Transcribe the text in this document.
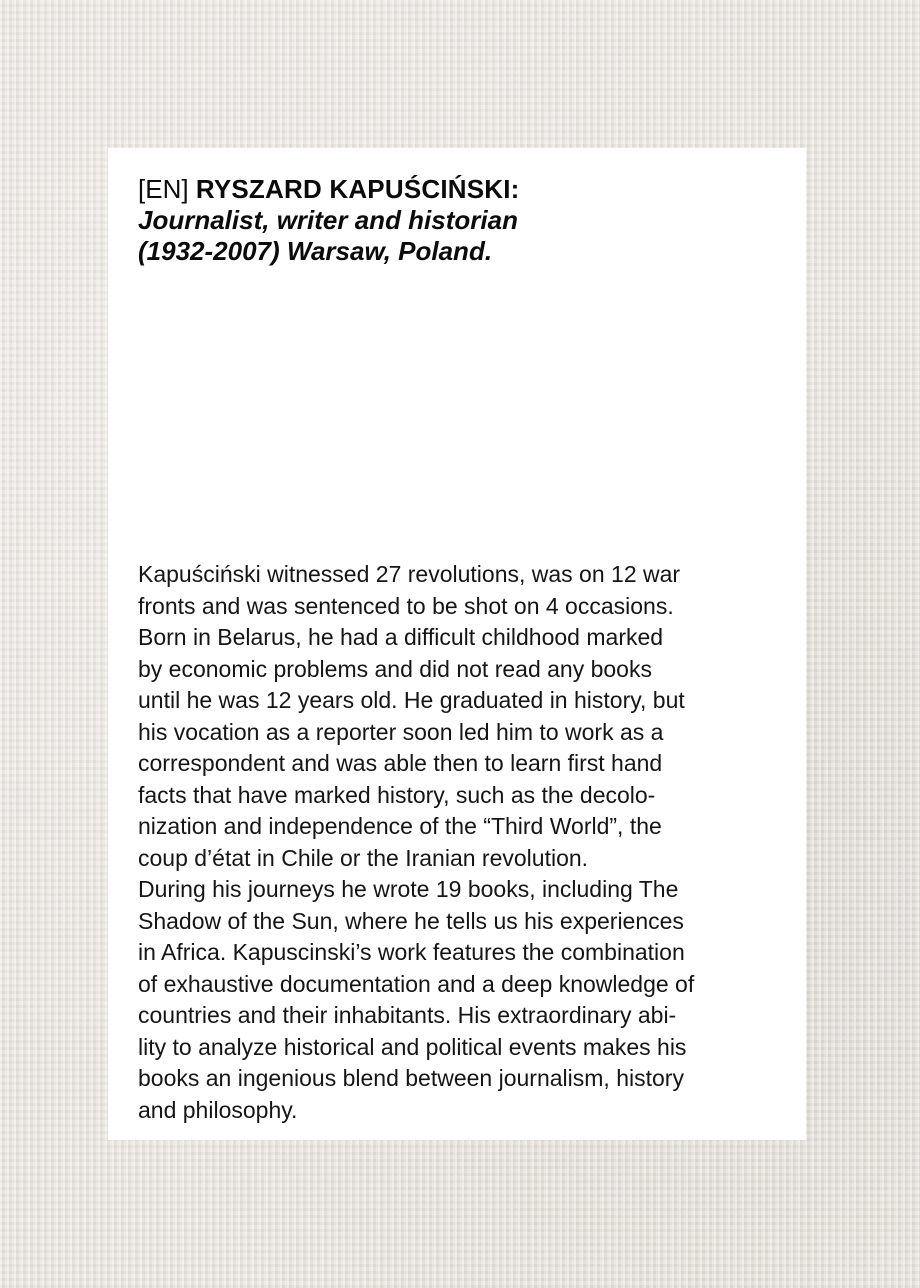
[EN] RYSZARD KAPUŚCIŃSKI:
Journalist, writer and historian
(1932-2007) Warsaw, Poland.
Kapuściński witnessed 27 revolutions, was on 12 war
fronts and was sentenced to be shot on 4 occasions.
Born in Belarus, he had a difficult childhood marked
by economic problems and did not read any books
until he was 12 years old. He graduated in history, but
his vocation as a reporter soon led him to work as a
correspondent and was able then to learn first hand
facts that have marked history, such as the decolo-
nization and independence of the “Third World”, the
coup d’état in Chile or the Iranian revolution.
During his journeys he wrote 19 books, including The
Shadow of the Sun, where he tells us his experiences
in Africa. Kapuscinski’s work features the combination
of exhaustive documentation and a deep knowledge of
countries and their inhabitants. His extraordinary abi-
lity to analyze historical and political events makes his
books an ingenious blend between journalism, history
and philosophy.
